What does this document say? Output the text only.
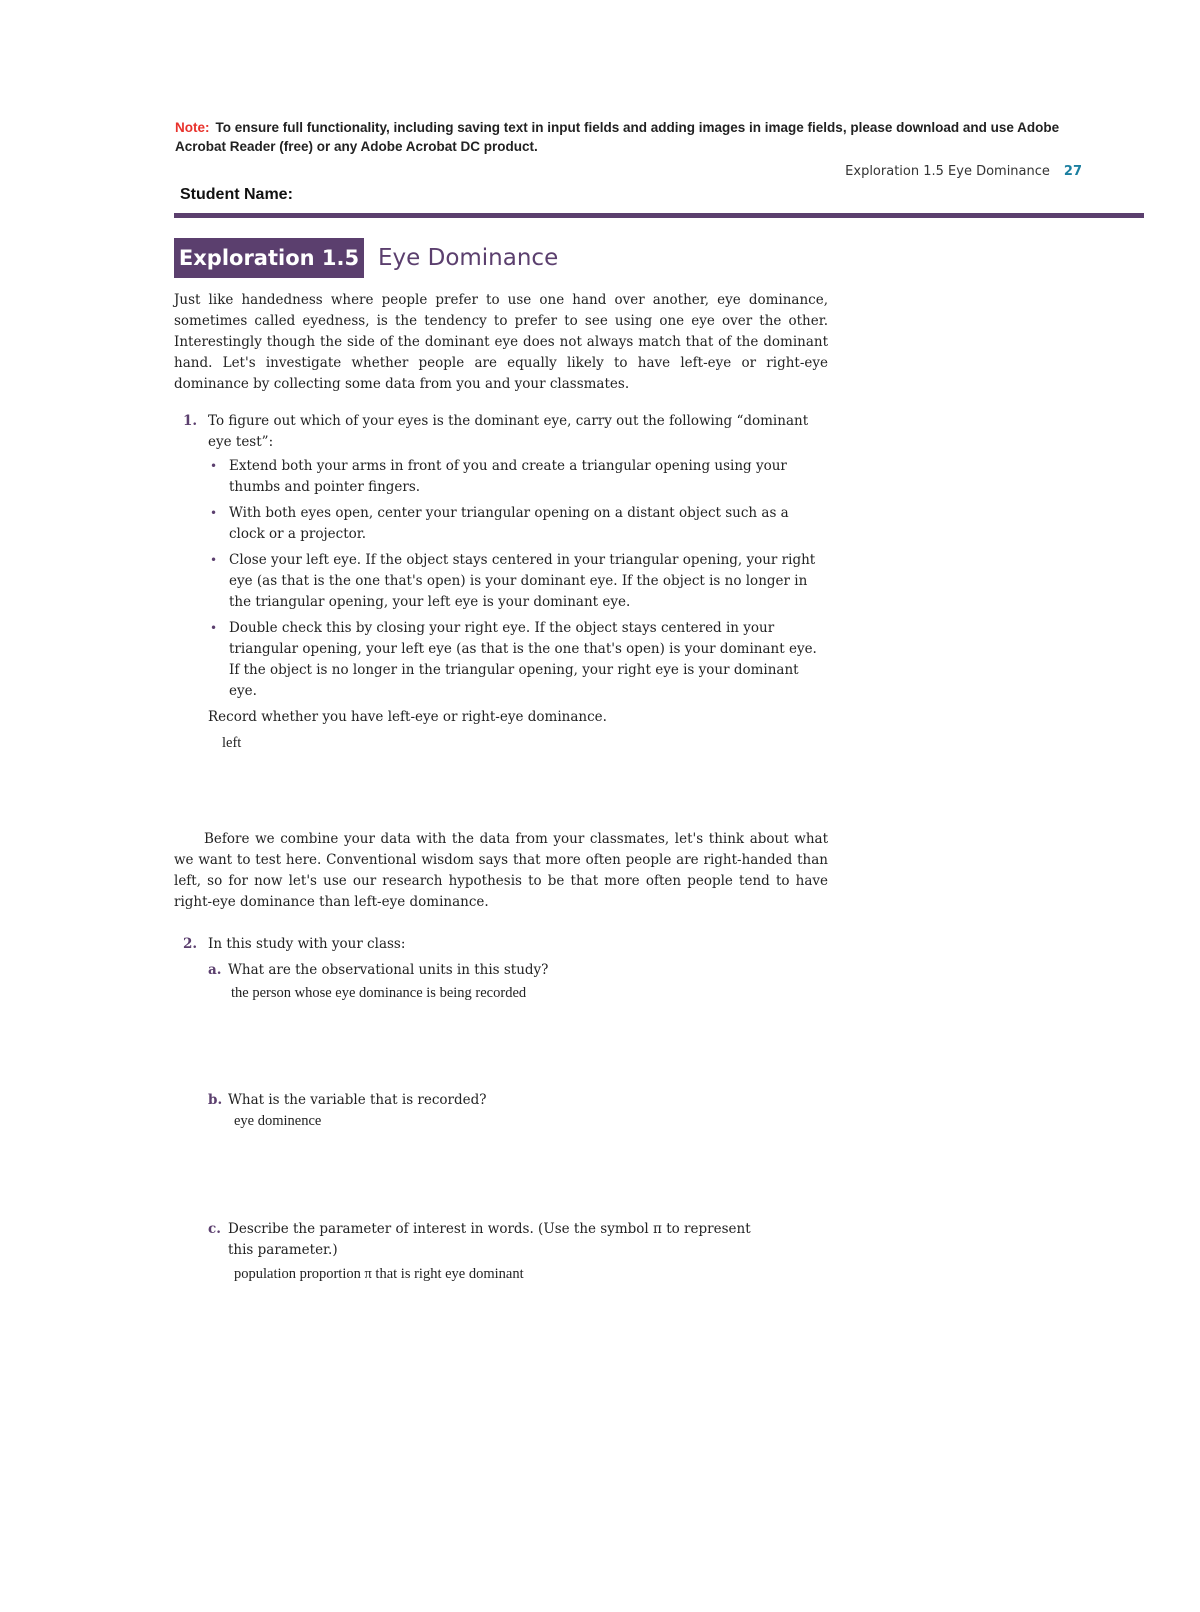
Note: To ensure full functionality, including saving text in input fields and adding images in image fields, please download and use Adobe Acrobat Reader (free) or any Adobe Acrobat DC product.
Exploration 1.5 Eye Dominance 27
Student Name:
Exploration 1.5 Eye Dominance

Just like handedness where people prefer to use one hand over another, eye dominance, sometimes called eyedness, is the tendency to prefer to see using one eye over the other. Interestingly though the side of the dominant eye does not always match that of the dominant hand. Let's investigate whether people are equally likely to have left-eye or right-eye dominance by collecting some data from you and your classmates.

1. To figure out which of your eyes is the dominant eye, carry out the following “dominant eye test”:
• Extend both your arms in front of you and create a triangular opening using your thumbs and pointer fingers.
• With both eyes open, center your triangular opening on a distant object such as a clock or a projector.
• Close your left eye. If the object stays centered in your triangular opening, your right eye (as that is the one that's open) is your dominant eye. If the object is no longer in the triangular opening, your left eye is your dominant eye.
• Double check this by closing your right eye. If the object stays centered in your triangular opening, your left eye (as that is the one that's open) is your dominant eye. If the object is no longer in the triangular opening, your right eye is your dominant eye.
Record whether you have left-eye or right-eye dominance.
left
Before we combine your data with the data from your classmates, let's think about what we want to test here. Conventional wisdom says that more often people are right-handed than left, so for now let's use our research hypothesis to be that more often people tend to have right-eye dominance than left-eye dominance.
2. In this study with your class:
a. What are the observational units in this study?
the person whose eye dominance is being recorded
b. What is the variable that is recorded?
eye dominence
c. Describe the parameter of interest in words. (Use the symbol π to represent this parameter.)
population proportion π that is right eye dominant
